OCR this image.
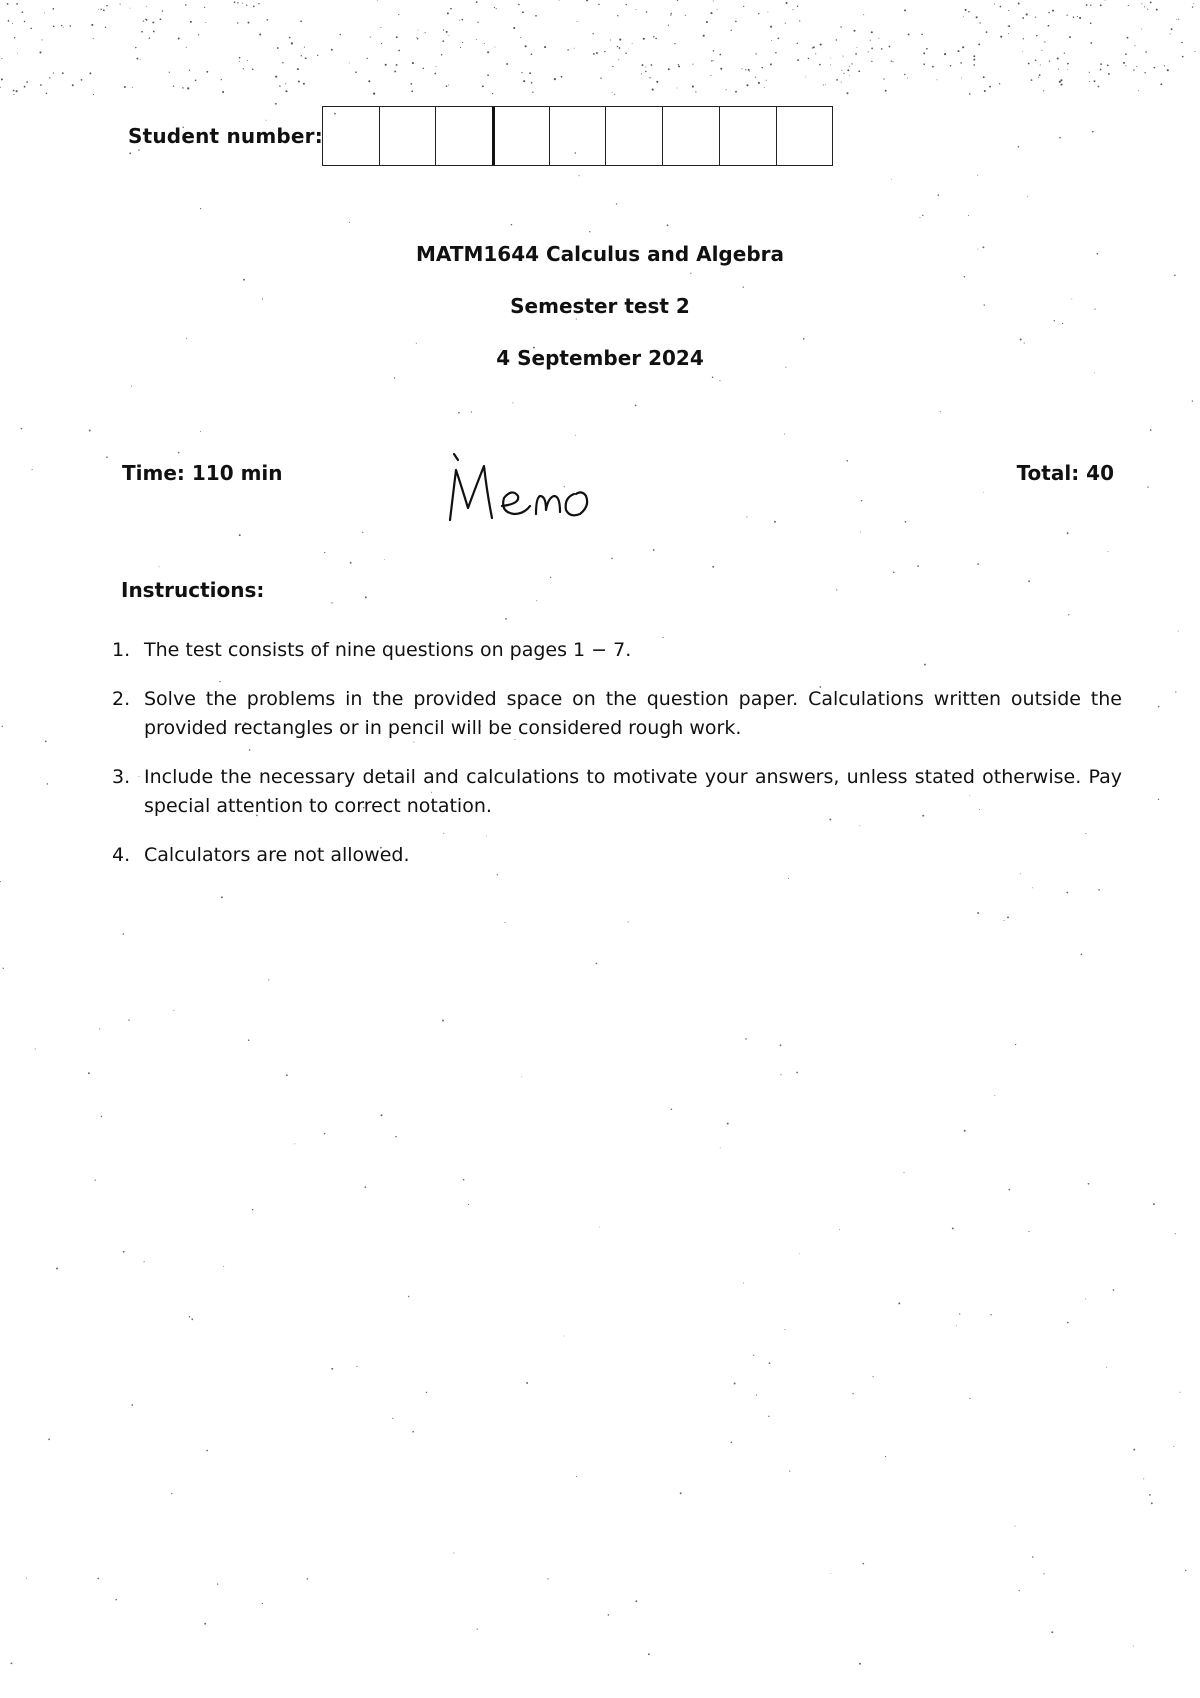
Student number:
MATM1644 Calculus and Algebra
Semester test 2
4 September 2024
Time: 110 min	Total: 40
Instructions:
1. The test consists of nine questions on pages 1 − 7.
2. Solve the problems in the provided space on the question paper. Calculations written outside the provided rectangles or in pencil will be considered rough work.
3. Include the necessary detail and calculations to motivate your answers, unless stated otherwise. Pay special attention to correct notation.
4. Calculators are not allowed.
